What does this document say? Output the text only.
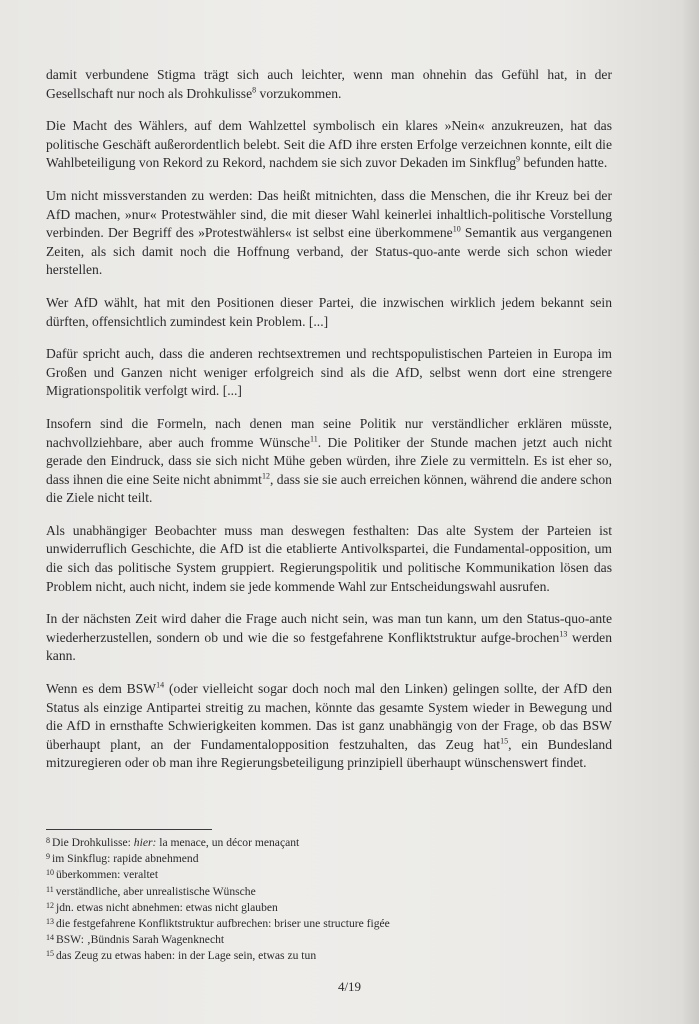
damit verbundene Stigma trägt sich auch leichter, wenn man ohnehin das Gefühl hat, in der Gesellschaft nur noch als Drohkulisse$^8$ vorzukommen.

Die Macht des Wählers, auf dem Wahlzettel symbolisch ein klares »Nein« anzukreuzen, hat das politische Geschäft außerordentlich belebt. Seit die AfD ihre ersten Erfolge verzeichnen konnte, eilt die Wahlbeteiligung von Rekord zu Rekord, nachdem sie sich zuvor Dekaden im Sinkflug$^9$ befunden hatte.

Um nicht missverstanden zu werden: Das heißt mitnichten, dass die Menschen, die ihr Kreuz bei der AfD machen, »nur« Protestwähler sind, die mit dieser Wahl keinerlei inhaltlich-politische Vorstellung verbinden. Der Begriff des »Protestwählers« ist selbst eine überkommene$^{10}$ Semantik aus vergangenen Zeiten, als sich damit noch die Hoffnung verband, der Status-quo-ante werde sich schon wieder herstellen.

Wer AfD wählt, hat mit den Positionen dieser Partei, die inzwischen wirklich jedem bekannt sein dürften, offensichtlich zumindest kein Problem. [...]

Dafür spricht auch, dass die anderen rechtsextremen und rechtspopulistischen Parteien in Europa im Großen und Ganzen nicht weniger erfolgreich sind als die AfD, selbst wenn dort eine strengere Migrationspolitik verfolgt wird. [...]

Insofern sind die Formeln, nach denen man seine Politik nur verständlicher erklären müsste, nachvollziehbare, aber auch fromme Wünsche$^{11}$. Die Politiker der Stunde machen jetzt auch nicht gerade den Eindruck, dass sie sich nicht Mühe geben würden, ihre Ziele zu vermitteln. Es ist eher so, dass ihnen die eine Seite nicht abnimmt$^{12}$, dass sie sie auch erreichen können, während die andere schon die Ziele nicht teilt.

Als unabhängiger Beobachter muss man deswegen festhalten: Das alte System der Parteien ist unwiderruflich Geschichte, die AfD ist die etablierte Antivolkspartei, die Fundamental-opposition, um die sich das politische System gruppiert. Regierungspolitik und politische Kommunikation lösen das Problem nicht, auch nicht, indem sie jede kommende Wahl zur Entscheidungswahl ausrufen.

In der nächsten Zeit wird daher die Frage auch nicht sein, was man tun kann, um den Status-quo-ante wiederherzustellen, sondern ob und wie die so festgefahrene Konfliktstruktur aufge-brochen$^{13}$ werden kann.

Wenn es dem BSW$^{14}$ (oder vielleicht sogar doch noch mal den Linken) gelingen sollte, der AfD den Status als einzige Antipartei streitig zu machen, könnte das gesamte System wieder in Bewegung und die AfD in ernsthafte Schwierigkeiten kommen. Das ist ganz unabhängig von der Frage, ob das BSW überhaupt plant, an der Fundamentalopposition festzuhalten, das Zeug hat$^{15}$, ein Bundesland mitzuregieren oder ob man ihre Regierungsbeteiligung prinzipiell überhaupt wünschenswert findet.

$^8$ Die Drohkulisse: hier: la menace, un décor menaçant
$^9$ im Sinkflug: rapide abnehmend
$^{10}$ überkommen: veraltet
$^{11}$ verständliche, aber unrealistische Wünsche
$^{12}$ jdn. etwas nicht abnehmen: etwas nicht glauben
$^{13}$ die festgefahrene Konfliktstruktur aufbrechen: briser une structure figée
$^{14}$ BSW: ‚Bündnis Sarah Wagenknecht
$^{15}$ das Zeug zu etwas haben: in der Lage sein, etwas zu tun
4/19
